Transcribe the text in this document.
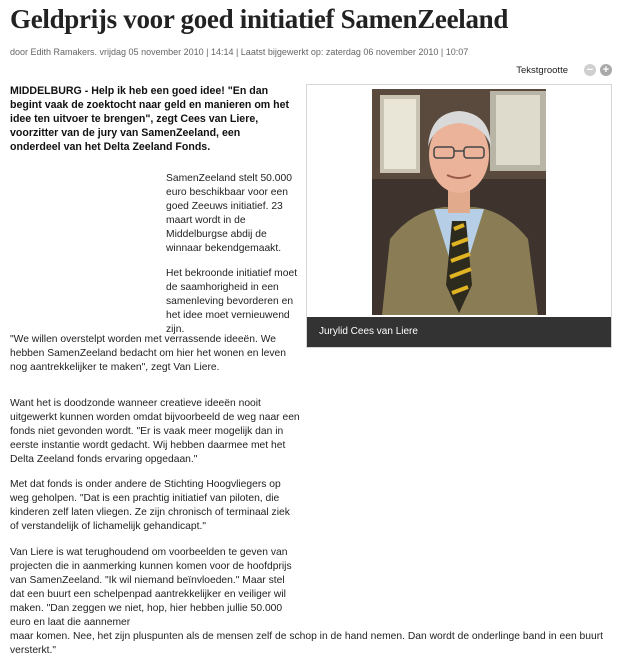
Geldprijs voor goed initiatief SamenZeeland
door Edith Ramakers. vrijdag 05 november 2010 | 14:14 | Laatst bijgewerkt op: zaterdag 06 november 2010 | 10:07
Tekstgrootte − +

MIDDELBURG - Help ik heb een goed idee! "En dan begint vaak de zoektocht naar geld en manieren om het idee ten uitvoer te brengen", zegt Cees van Liere, voorzitter van de jury van SamenZeeland, een onderdeel van het Delta Zeeland Fonds.

SamenZeeland stelt 50.000 euro beschikbaar voor een goed Zeeuws initiatief. 23 maart wordt in de Middelburgse abdij de winnaar bekendgemaakt.

Het bekroonde initiatief moet de saamhorigheid in een samenleving bevorderen en het idee moet vernieuwend zijn.

"We willen overstelpt worden met verrassende ideeën. We hebben SamenZeeland bedacht om hier het wonen en leven nog aantrekkelijker te maken", zegt Van Liere.

Want het is doodzonde wanneer creatieve ideeën nooit uitgewerkt kunnen worden omdat bijvoorbeeld de weg naar een fonds niet gevonden wordt. "Er is vaak meer mogelijk dan in eerste instantie wordt gedacht. Wij hebben daarmee met het Delta Zeeland fonds ervaring opgedaan."

Met dat fonds is onder andere de Stichting Hoogvliegers op weg geholpen. "Dat is een prachtig initiatief van piloten, die kinderen zelf laten vliegen. Ze zijn chronisch of terminaal ziek of verstandelijk of lichamelijk gehandicapt."

Van Liere is wat terughoudend om voorbeelden te geven van projecten die in aanmerking kunnen komen voor de hoofdprijs van SamenZeeland. "Ik wil niemand beïnvloeden." Maar stel dat een buurt een schelpenpad aantrekkelijker en veiliger wil maken. "Dan zeggen we niet, hop, hier hebben jullie 50.000 euro en laat die aannemer
maar komen. Nee, het zijn pluspunten als de mensen zelf de schop in de hand nemen. Dan wordt de onderlinge band in een buurt versterkt."

Jurylid Cees van Liere
